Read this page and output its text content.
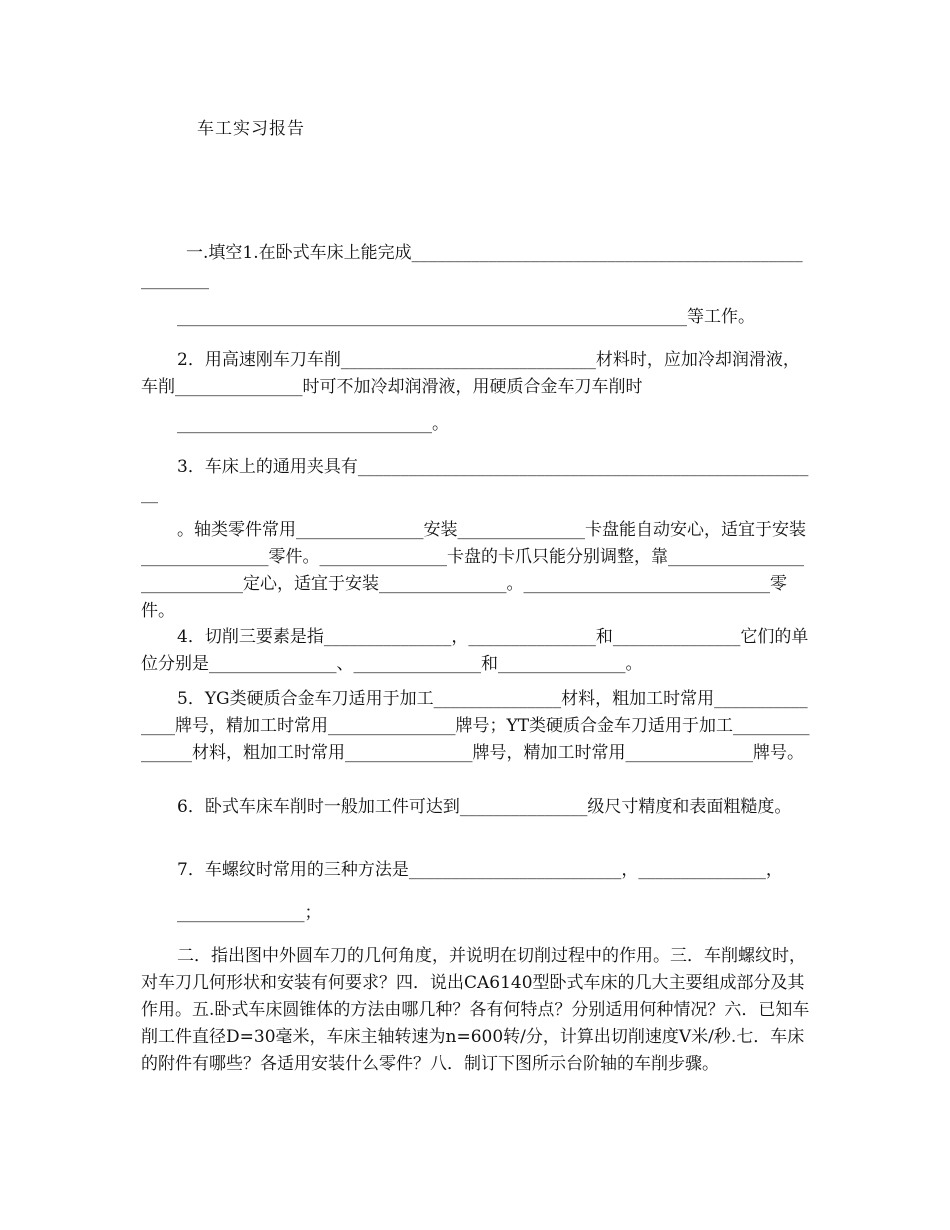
车工实习报告
一.填空1.在卧式车床上能完成______________________________________________________
____________________________________________________________等工作。
2．用高速刚车刀车削______________________________材料时，应加冷却润滑液，车削_______________时可不加冷却润滑液，用硬质合金车刀车削时
______________________________。
3．车床上的通用夹具有_______________________________________________________
。轴类零件常用_______________安装_______________卡盘能自动安心，适宜于安装_______________零件。_______________卡盘的卡爪只能分别调整，靠____________________________定心，适宜于安装_______________。_____________________________零件。
4．切削三要素是指_______________，_______________和_______________它们的单位分别是_______________、_______________和_______________。
5．YG类硬质合金车刀适用于加工_______________材料，粗加工时常用_______________牌号，精加工时常用_______________牌号；YT类硬质合金车刀适用于加工_______________材料，粗加工时常用_______________牌号，精加工时常用_______________牌号。
6．卧式车床车削时一般加工件可达到_______________级尺寸精度和表面粗糙度。
7．车螺纹时常用的三种方法是_________________________，_______________，
_______________；
二．指出图中外圆车刀的几何角度，并说明在切削过程中的作用。三．车削螺纹时，对车刀几何形状和安装有何要求？四．说出CA6140型卧式车床的几大主要组成部分及其作用。五.卧式车床圆锥体的方法由哪几种？各有何特点？分别适用何种情况？六．已知车削工件直径D=30毫米，车床主轴转速为n=600转/分，计算出切削速度V米/秒.七．车床的附件有哪些？各适用安装什么零件？八．制订下图所示台阶轴的车削步骤。
